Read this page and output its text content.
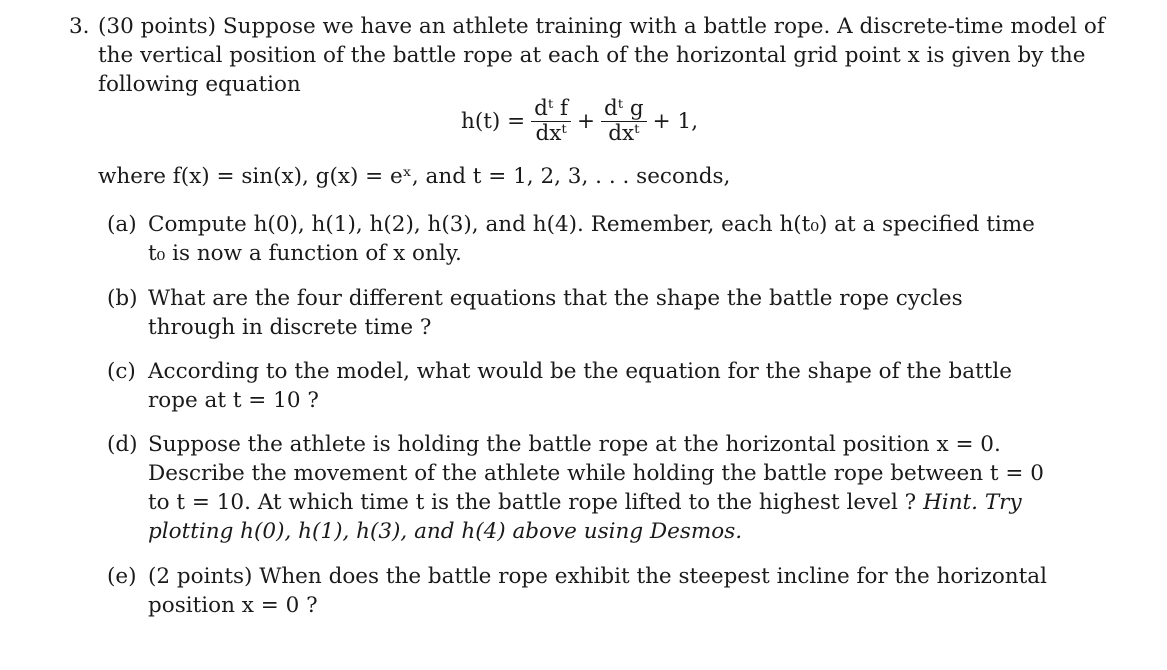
3. (30 points) Suppose we have an athlete training with a battle rope. A discrete-time model of the vertical position of the battle rope at each of the horizontal grid point x is given by the following equation
$h(t) = \frac{\text{dᵗ f}}{\text{dxᵗ}} + \frac{\text{dᵗ g}}{\text{dxᵗ}} + 1$,
where f(x) = sin(x), g(x) = eˣ, and t = 1, 2, 3, . . . seconds,
(a) Compute h(0), h(1), h(2), h(3), and h(4). Remember, each h(t₀) at a specified time t₀ is now a function of x only.
(b) What are the four different equations that the shape the battle rope cycles through in discrete time ?
(c) According to the model, what would be the equation for the shape of the battle rope at t = 10 ?
(d) Suppose the athlete is holding the battle rope at the horizontal position x = 0. Describe the movement of the athlete while holding the battle rope between t = 0 to t = 10. At which time t is the battle rope lifted to the highest level ? Hint. Try plotting h(0), h(1), h(3), and h(4) above using Desmos.
(e) (2 points) When does the battle rope exhibit the steepest incline for the horizontal position x = 0 ?
